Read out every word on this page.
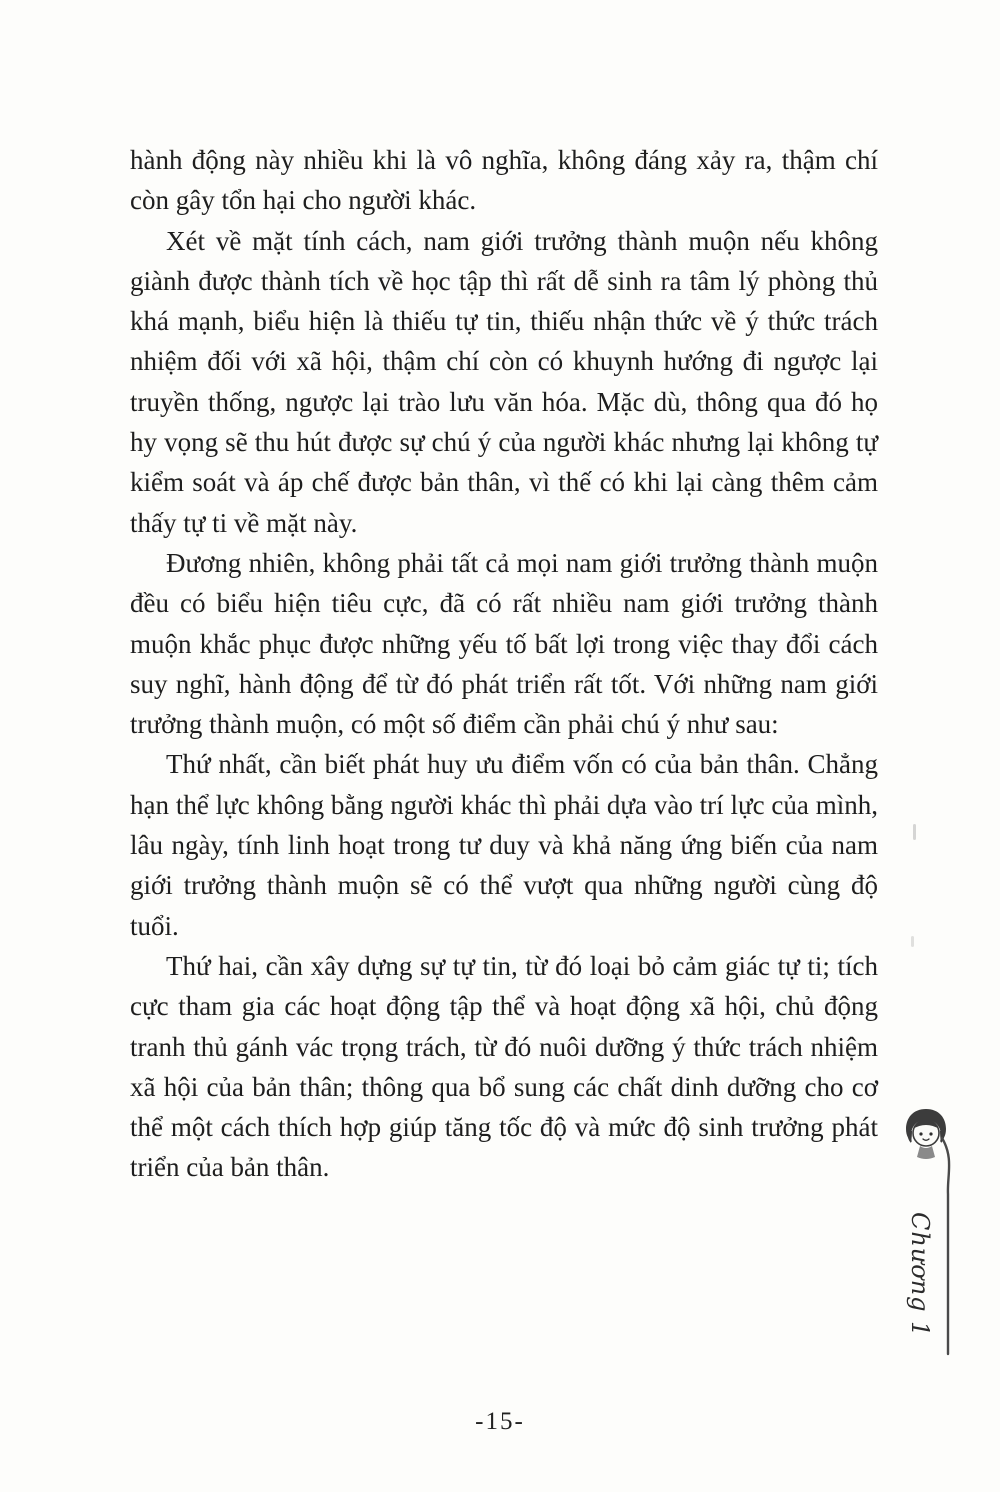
hành động này nhiều khi là vô nghĩa, không đáng xảy ra, thậm chí còn gây tổn hại cho người khác.

Xét về mặt tính cách, nam giới trưởng thành muộn nếu không giành được thành tích về học tập thì rất dễ sinh ra tâm lý phòng thủ khá mạnh, biểu hiện là thiếu tự tin, thiếu nhận thức về ý thức trách nhiệm đối với xã hội, thậm chí còn có khuynh hướng đi ngược lại truyền thống, ngược lại trào lưu văn hóa. Mặc dù, thông qua đó họ hy vọng sẽ thu hút được sự chú ý của người khác nhưng lại không tự kiểm soát và áp chế được bản thân, vì thế có khi lại càng thêm cảm thấy tự ti về mặt này.

Đương nhiên, không phải tất cả mọi nam giới trưởng thành muộn đều có biểu hiện tiêu cực, đã có rất nhiều nam giới trưởng thành muộn khắc phục được những yếu tố bất lợi trong việc thay đổi cách suy nghĩ, hành động để từ đó phát triển rất tốt. Với những nam giới trưởng thành muộn, có một số điểm cần phải chú ý như sau:

Thứ nhất, cần biết phát huy ưu điểm vốn có của bản thân. Chẳng hạn thể lực không bằng người khác thì phải dựa vào trí lực của mình, lâu ngày, tính linh hoạt trong tư duy và khả năng ứng biến của nam giới trưởng thành muộn sẽ có thể vượt qua những người cùng độ tuổi.

Thứ hai, cần xây dựng sự tự tin, từ đó loại bỏ cảm giác tự ti; tích cực tham gia các hoạt động tập thể và hoạt động xã hội, chủ động tranh thủ gánh vác trọng trách, từ đó nuôi dưỡng ý thức trách nhiệm xã hội của bản thân; thông qua bổ sung các chất dinh dưỡng cho cơ thể một cách thích hợp giúp tăng tốc độ và mức độ sinh trưởng phát triển của bản thân.

Chương 1
-15-
